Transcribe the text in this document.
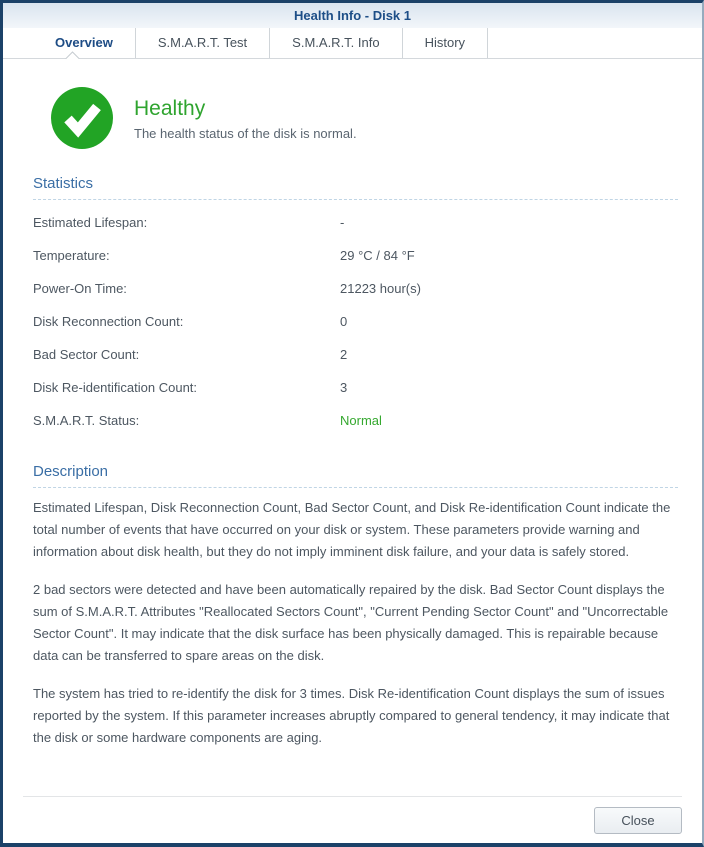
Health Info - Disk 1
Overview	S.M.A.R.T. Test	S.M.A.R.T. Info	History
Healthy
The health status of the disk is normal.
Statistics
Estimated Lifespan:	-
Temperature:	29 °C / 84 °F
Power-On Time:	21223 hour(s)
Disk Reconnection Count:	0
Bad Sector Count:	2
Disk Re-identification Count:	3
S.M.A.R.T. Status:	Normal
Description

Estimated Lifespan, Disk Reconnection Count, Bad Sector Count, and Disk Re-identification Count indicate the total number of events that have occurred on your disk or system. These parameters provide warning and information about disk health, but they do not imply imminent disk failure, and your data is safely stored.

2 bad sectors were detected and have been automatically repaired by the disk. Bad Sector Count displays the sum of S.M.A.R.T. Attributes "Reallocated Sectors Count", "Current Pending Sector Count" and "Uncorrectable Sector Count". It may indicate that the disk surface has been physically damaged. This is repairable because data can be transferred to spare areas on the disk.

The system has tried to re-identify the disk for 3 times. Disk Re-identification Count displays the sum of issues reported by the system. If this parameter increases abruptly compared to general tendency, it may indicate that the disk or some hardware components are aging.

Close
